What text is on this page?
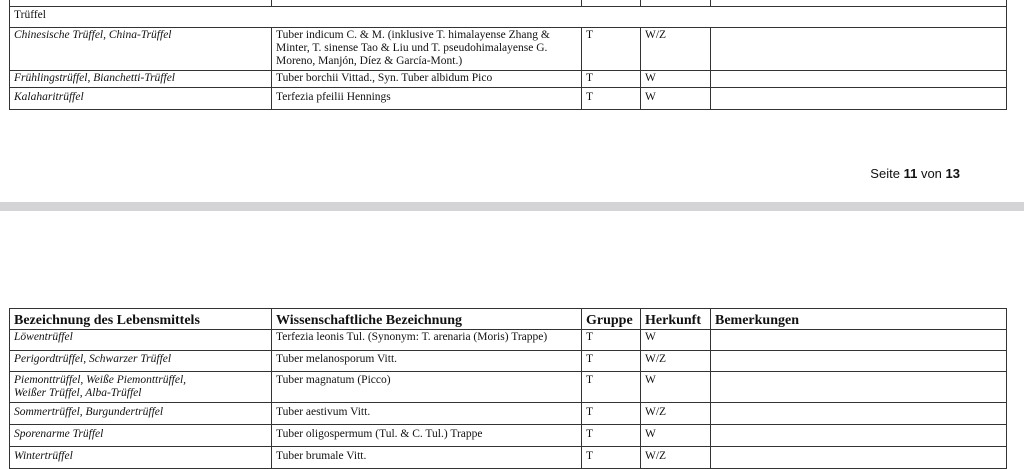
Trüffel				
Chinesische Trüffel, China-Trüffel	Tuber indicum C. & M. (inklusive T. himalayense Zhang & Minter, T. sinense Tao & Liu und T. pseudohimalayense G. Moreno, Manjón, Díez & García-Mont.)	T	W/Z	
Frühlingstrüffel, Bianchetti-Trüffel	Tuber borchii Vittad., Syn. Tuber albidum Pico	T	W	
Kalaharitrüffel	Terfezia pfeilii Hennings	T	W	
Seite 11 von 13
Bezeichnung des Lebensmittels	Wissenschaftliche Bezeichnung	Gruppe	Herkunft	Bemerkungen
Löwentrüffel	Terfezia leonis Tul. (Synonym: T. arenaria (Moris) Trappe)	T	W	
Perigordtrüffel, Schwarzer Trüffel	Tuber melanosporum Vitt.	T	W/Z	
Piemonttrüffel, Weiße Piemonttrüffel, Weißer Trüffel, Alba-Trüffel	Tuber magnatum (Picco)	T	W	
Sommertrüffel, Burgundertrüffel	Tuber aestivum Vitt.	T	W/Z	
Sporenarme Trüffel	Tuber oligospermum (Tul. & C. Tul.) Trappe	T	W	
Wintertrüffel	Tuber brumale Vitt.	T	W/Z	
